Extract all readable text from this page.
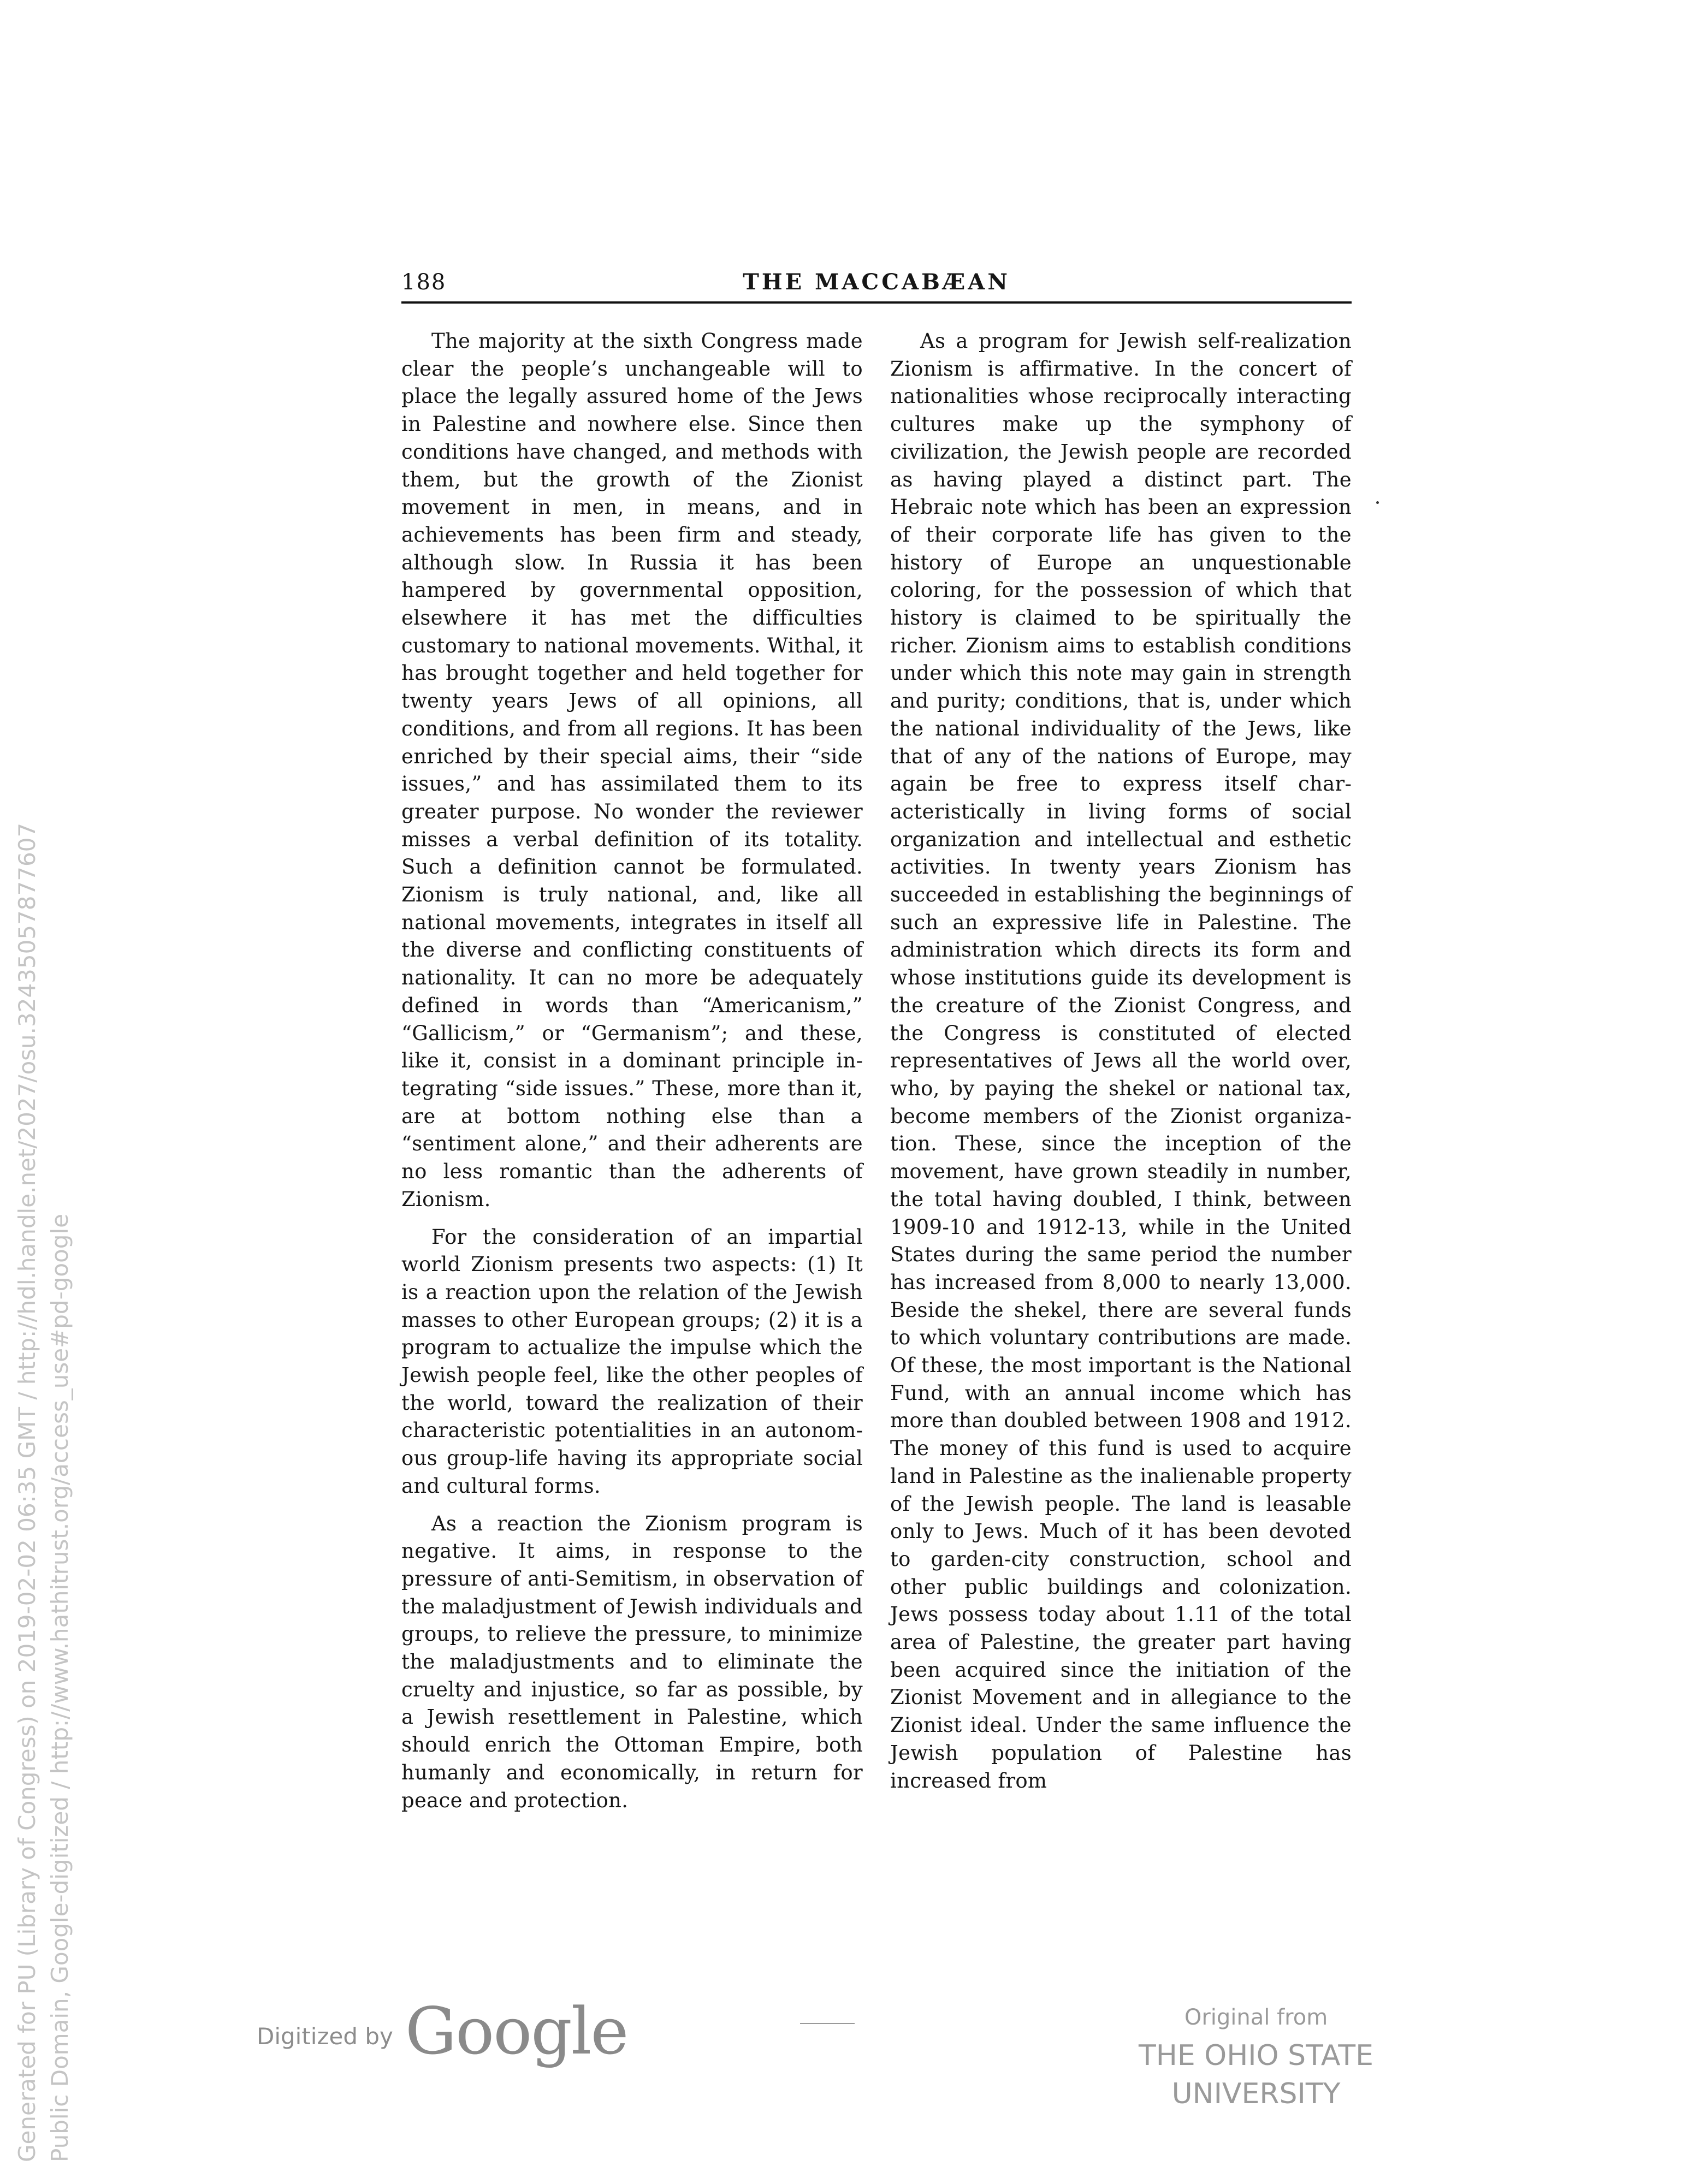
188	THE MACCABÆAN

The majority at the sixth Congress made clear the people’s unchangeable will to place the legally assured home of the Jews in Palestine and nowhere else. Since then conditions have changed, and methods with them, but the growth of the Zionist movement in men, in means, and in achievements has been firm and steady, although slow. In Russia it has been hampered by governmental opposition, elsewhere it has met the difficulties customary to national movements. Withal, it has brought together and held together for twenty years Jews of all opinions, all conditions, and from all regions. It has been enriched by their special aims, their “side issues,” and has assimilated them to its greater purpose. No wonder the reviewer misses a verbal definition of its totality. Such a definition cannot be formulated. Zionism is truly national, and, like all national movements, integrates in itself all the diverse and conflicting constituents of nationality. It can no more be adequately defined in words than “Americanism,” “Gallicism,” or “Germanism”; and these, like it, consist in a dominant principle integrating “side issues.” These, more than it, are at bottom nothing else than a “sentiment alone,” and their adherents are no less romantic than the adherents of Zionism.

For the consideration of an impartial world Zionism presents two aspects: (1) It is a reaction upon the relation of the Jewish masses to other European groups; (2) it is a program to actualize the impulse which the Jewish people feel, like the other peoples of the world, toward the realization of their characteristic potentialities in an autonomous group-life having its appropriate social and cultural forms.

As a reaction the Zionism program is negative. It aims, in response to the pressure of anti-Semitism, in observation of the maladjustment of Jewish individuals and groups, to relieve the pressure, to minimize the maladjustments and to eliminate the cruelty and injustice, so far as possible, by a Jewish resettlement in Palestine, which should enrich the Ottoman Empire, both humanly and economically, in return for peace and protection.

As a program for Jewish self-realization Zionism is affirmative. In the concert of nationalities whose reciprocally interacting cultures make up the symphony of civilization, the Jewish people are recorded as having played a distinct part. The Hebraic note which has been an expression of their corporate life has given to the history of Europe an unquestionable coloring, for the possession of which that history is claimed to be spiritually the richer. Zionism aims to establish conditions under which this note may gain in strength and purity; conditions, that is, under which the national individuality of the Jews, like that of any of the nations of Europe, may again be free to express itself characteristically in living forms of social organization and intellectual and esthetic activities. In twenty years Zionism has succeeded in establishing the beginnings of such an expressive life in Palestine. The administration which directs its form and whose institutions guide its development is the creature of the Zionist Congress, and the Congress is constituted of elected representatives of Jews all the world over, who, by paying the shekel or national tax, become members of the Zionist organization. These, since the inception of the movement, have grown steadily in number, the total having doubled, I think, between 1909-10 and 1912-13, while in the United States during the same period the number has increased from 8,000 to nearly 13,000. Beside the shekel, there are several funds to which voluntary contributions are made. Of these, the most important is the National Fund, with an annual income which has more than doubled between 1908 and 1912. The money of this fund is used to acquire land in Palestine as the inalienable property of the Jewish people. The land is leasable only to Jews. Much of it has been devoted to garden-city construction, school and other public buildings and colonization. Jews possess today about 1.11 of the total area of Palestine, the greater part having been acquired since the initiation of the Zionist Movement and in allegiance to the Zionist ideal. Under the same influence the Jewish population of Palestine has increased from

Generated for PU (Library of Congress) on 2019-02-02 06:35 GMT / http://hdl.handle.net/2027/osu.32435057877607 Public Domain, Google-digitized / http://www.hathitrust.org/access_use#pd-google	Digitized by Google	Original from
THE OHIO STATE UNIVERSITY
